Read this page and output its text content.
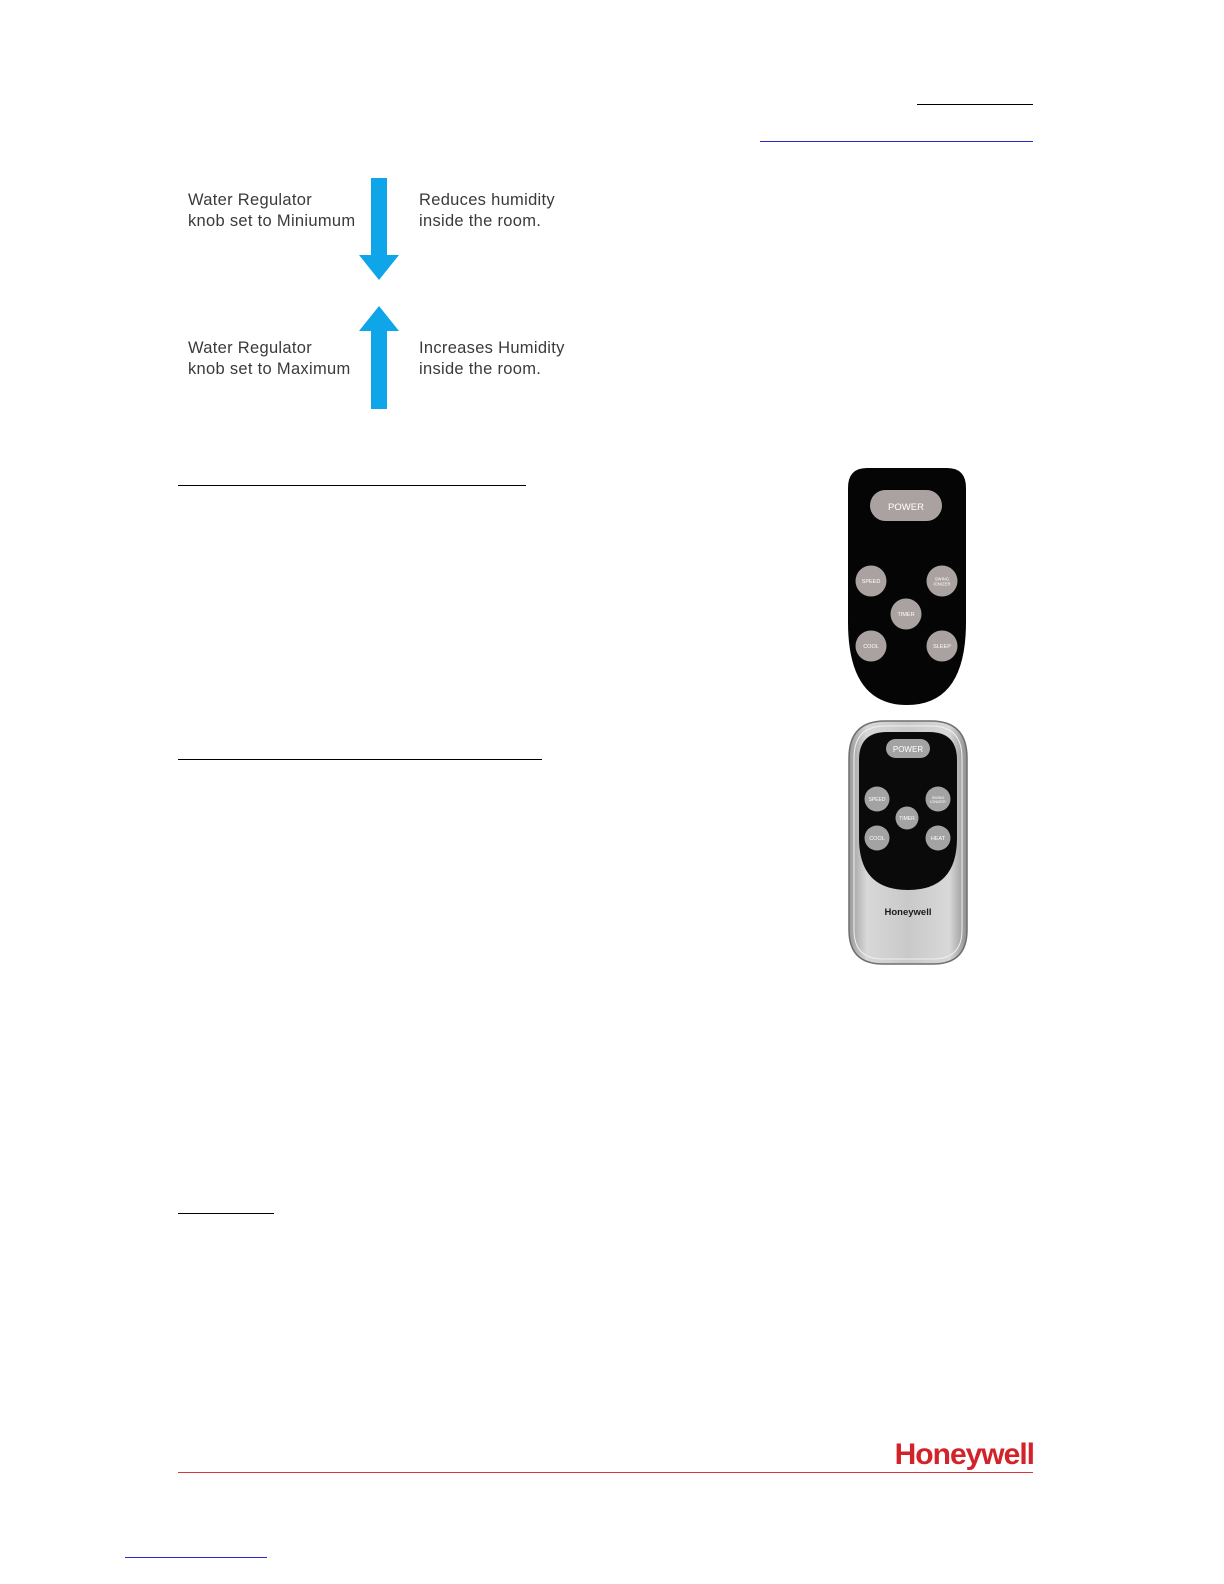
Water Regulator
knob set to Miniumum
Reduces humidity
inside the room.
Water Regulator
knob set to Maximum
Increases Humidity
inside the room.
POWER
SPEED	SWING IONIZER
TIMER
COOL	SLEEP
POWER
SPEED	SWING IONIZER
TIMER
COOL	HEAT
Honeywell
Honeywell
